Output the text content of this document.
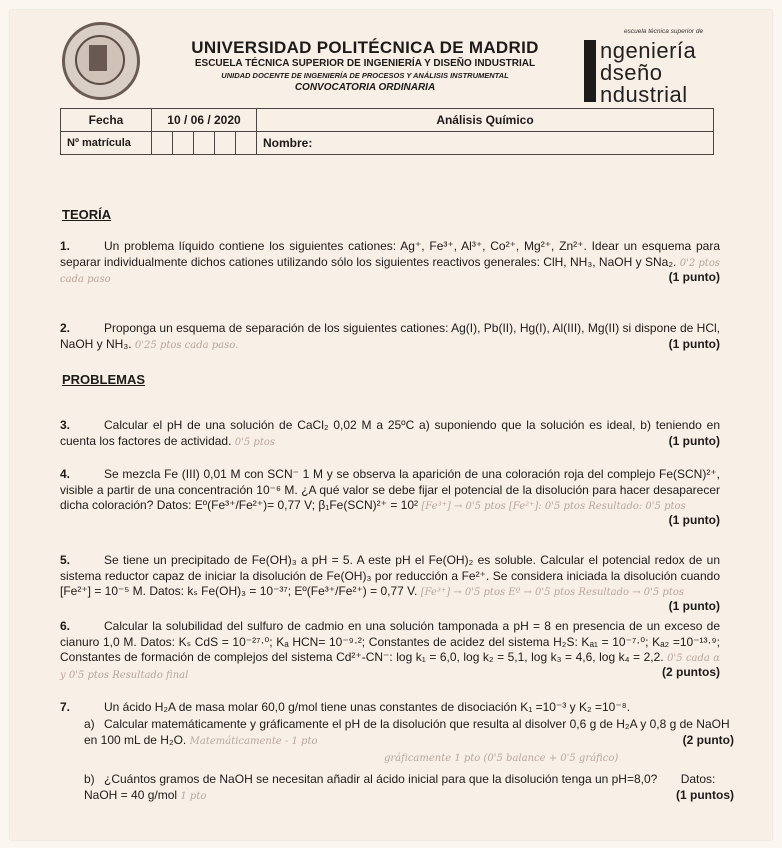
UNIVERSIDAD POLITÉCNICA DE MADRID
ESCUELA TÉCNICA SUPERIOR DE INGENIERÍA Y DISEÑO INDUSTRIAL
UNIDAD DOCENTE DE INGENIERÍA DE PROCESOS Y ANÁLISIS INSTRUMENTAL
CONVOCATORIA ORDINARIA
escuela técnica superior de
ngeniería
dseño
ndustrial
Fecha	10 / 06 / 2020					Análisis Químico
Nº matrícula						Nombre:
TEORÍA
1.	Un problema líquido contiene los siguientes cationes: Ag⁺, Fe³⁺, Al³⁺, Co²⁺, Mg²⁺, Zn²⁺. Idear un esquema para separar individualmente dichos cationes utilizando sólo los siguientes reactivos generales: ClH, NH₃, NaOH y SNa₂. 0'2 ptos cada paso	(1 punto)
2.	Proponga un esquema de separación de los siguientes cationes: Ag(I), Pb(II), Hg(I), Al(III), Mg(II) si dispone de HCl, NaOH y NH₃. 0'25 ptos cada paso.	(1 punto)
PROBLEMAS
3.	Calcular el pH de una solución de CaCl₂ 0,02 M a 25ºC a) suponiendo que la solución es ideal, b) teniendo en cuenta los factores de actividad. 0'5 ptos	(1 punto)
4.	Se mezcla Fe (III) 0,01 M con SCN⁻ 1 M y se observa la aparición de una coloración roja del complejo Fe(SCN)²⁺, visible a partir de una concentración 10⁻⁶ M. ¿A qué valor se debe fijar el potencial de la disolución para hacer desaparecer dicha coloración? Datos: Eº(Fe³⁺/Fe²⁺)= 0,77 V; β₁Fe(SCN)²⁺ = 10² [Fe³⁺] → 0'5 ptos [Fe²⁺]: 0'5 ptos Resultado: 0'5 ptos
(1 punto)
5.	Se tiene un precipitado de Fe(OH)₃ a pH = 5. A este pH el Fe(OH)₂ es soluble. Calcular el potencial redox de un sistema reductor capaz de iniciar la disolución de Fe(OH)₃ por reducción a Fe²⁺. Se considera iniciada la disolución cuando [Fe²⁺] = 10⁻⁵ M. Datos: kₛ Fe(OH)₃ = 10⁻³⁷; Eº(Fe³⁺/Fe²⁺) = 0,77 V. [Fe³⁺] → 0'5 ptos Eº → 0'5 ptos Resultado → 0'5 ptos
(1 punto)
6.	Calcular la solubilidad del sulfuro de cadmio en una solución tamponada a pH = 8 en presencia de un exceso de cianuro 1,0 M. Datos: Kₛ CdS = 10⁻²⁷·⁰; Kₐ HCN= 10⁻⁹·²; Constantes de acidez del sistema H₂S: Kₐ₁ = 10⁻⁷·⁰; Kₐ₂ =10⁻¹³·⁹; Constantes de formación de complejos del sistema Cd²⁺-CN⁻: log k₁ = 6,0, log k₂ = 5,1, log k₃ = 4,6, log k₄ = 2,2. 0'5 cada α y 0'5 ptos Resultado final	(2 puntos)
7.	Un ácido H₂A de masa molar 60,0 g/mol tiene unas constantes de disociación K₁ =10⁻³ y K₂ =10⁻⁸.
a) Calcular matemáticamente y gráficamente el pH de la disolución que resulta al disolver 0,6 g de H₂A y 0,8 g de NaOH en 100 mL de H₂O. Matemáticamente - 1 pto
gráficamente 1 pto (0'5 balance + 0'5 gráfico)
(2 punto)
b) ¿Cuántos gramos de NaOH se necesitan añadir al ácido inicial para que la disolución tenga un pH=8,0? Datos: NaOH = 40 g/mol 1 pto	(1 puntos)
